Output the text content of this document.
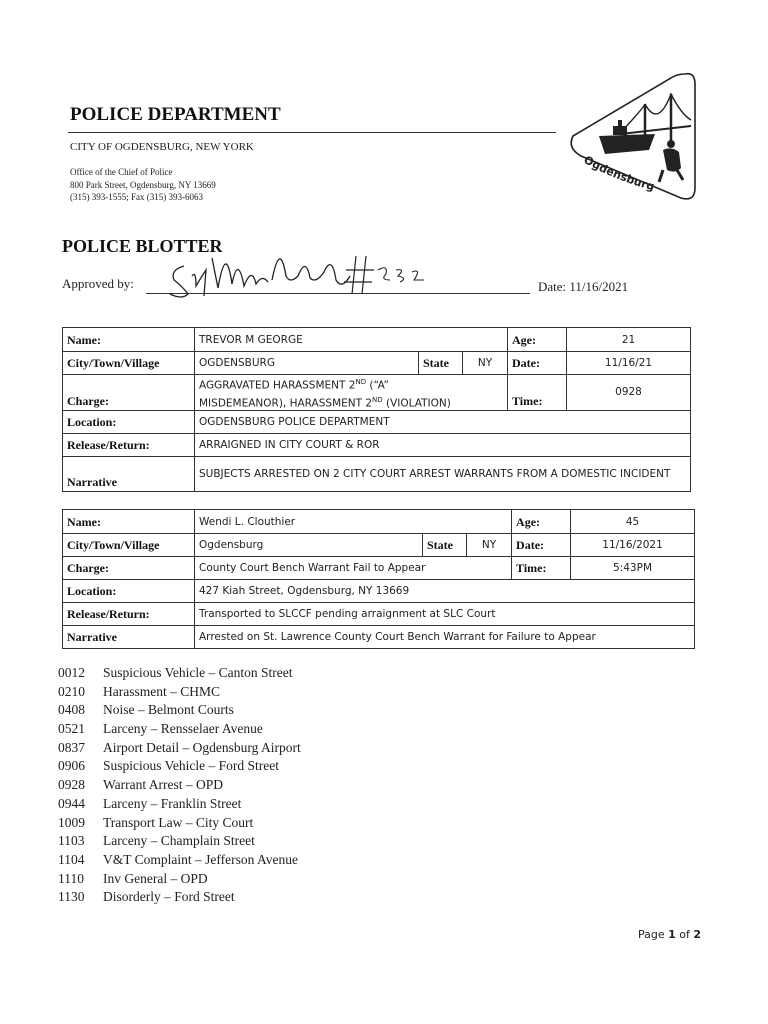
POLICE DEPARTMENT
CITY OF OGDENSBURG, NEW YORK
Office of the Chief of Police
800 Park Street, Ogdensburg, NY 13669
(315) 393-1555; Fax (315) 393-6063
Ogdensburg
POLICE BLOTTER
Approved by:	Date: 11/16/2021
Name:	TREVOR M GEORGE			Age:	21
City/Town/Village	OGDENSBURG	State	NY	Date:	11/16/21
Charge:	AGGRAVATED HARASSMENT 2ND (“A”
MISDEMEANOR), HARASSMENT 2ND (VIOLATION)			Time:	0928
Location:	OGDENSBURG POLICE DEPARTMENT				
Release/Return:	ARRAIGNED IN CITY COURT & ROR				
Narrative	SUBJECTS ARRESTED ON 2 CITY COURT ARREST WARRANTS FROM A DOMESTIC INCIDENT				
Name:	Wendi L. Clouthier			Age:	45
City/Town/Village	Ogdensburg	State	NY	Date:	11/16/2021
Charge:	County Court Bench Warrant Fail to Appear			Time:	5:43PM
Location:	427 Kiah Street, Ogdensburg, NY 13669				
Release/Return:	Transported to SLCCF pending arraignment at SLC Court				
Narrative	Arrested on St. Lawrence County Court Bench Warrant for Failure to Appear				
0012 Suspicious Vehicle – Canton Street
0210 Harassment – CHMC
0408 Noise – Belmont Courts
0521 Larceny – Rensselaer Avenue
0837 Airport Detail – Ogdensburg Airport
0906 Suspicious Vehicle – Ford Street
0928 Warrant Arrest – OPD
0944 Larceny – Franklin Street
1009 Transport Law – City Court
1103 Larceny – Champlain Street
1104 V&T Complaint – Jefferson Avenue
1110 Inv General – OPD
1130 Disorderly – Ford Street
Page 1 of 2
